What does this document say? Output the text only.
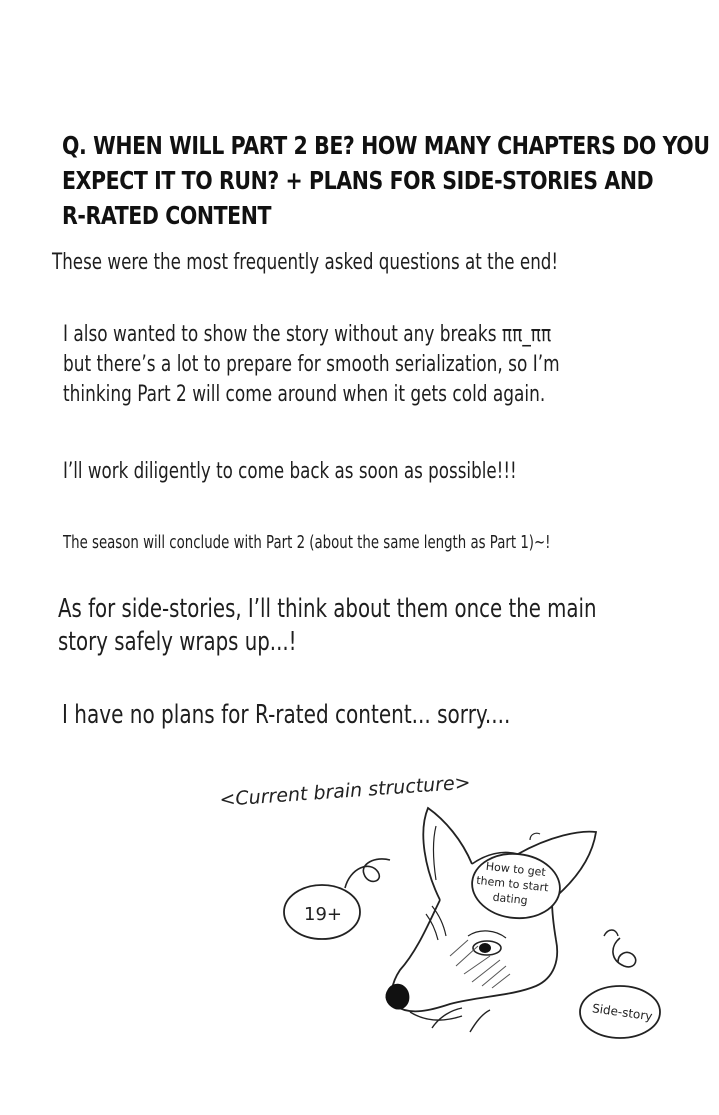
Q. WHEN WILL PART 2 BE? HOW MANY CHAPTERS DO YOU
EXPECT IT TO RUN? + PLANS FOR SIDE-STORIES AND
R-RATED CONTENT
These were the most frequently asked questions at the end!
I also wanted to show the story without any breaks ππ_ππ
but there’s a lot to prepare for smooth serialization, so I’m
thinking Part 2 will come around when it gets cold again.
I’ll work diligently to come back as soon as possible!!!
The season will conclude with Part 2 (about the same length as Part 1)~!
As for side-stories, I’ll think about them once the main
story safely wraps up...!
I have no plans for R-rated content... sorry....
<Current brain structure>
19+
How to get
them to start
dating
Side-story
